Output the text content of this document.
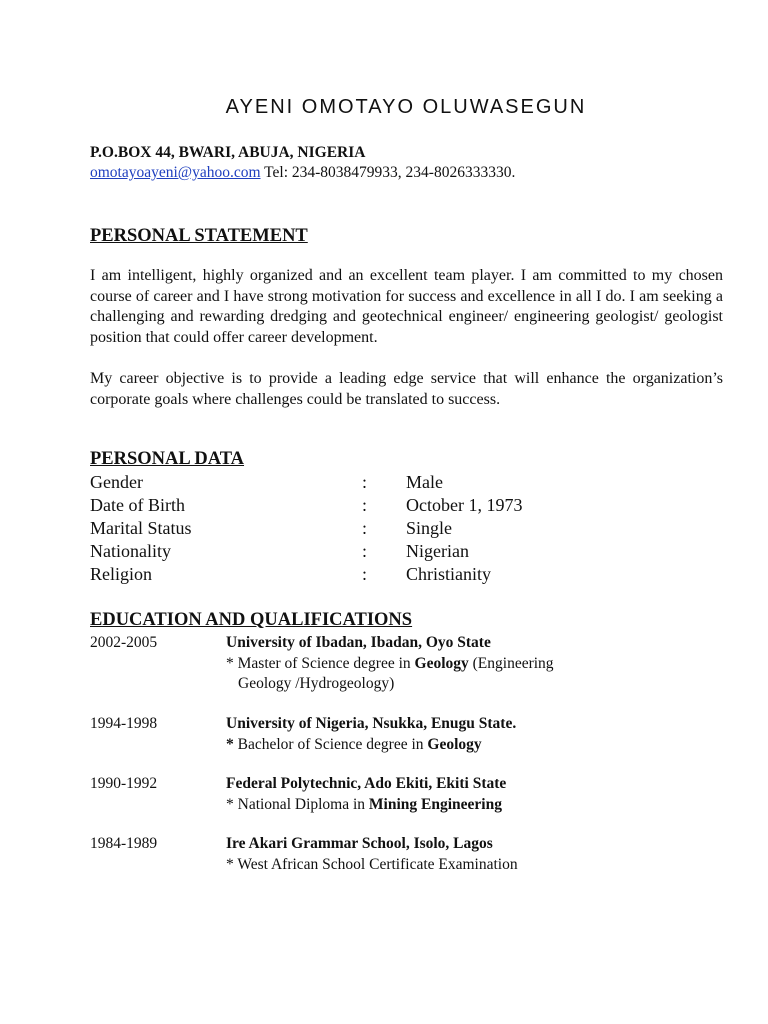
AYENI OMOTAYO OLUWASEGUN
P.O.BOX 44, BWARI, ABUJA, NIGERIA
omotayoayeni@yahoo.com Tel: 234-8038479933, 234-8026333330.
PERSONAL STATEMENT
I am intelligent, highly organized and an excellent team player. I am committed to my chosen course of career and I have strong motivation for success and excellence in all I do. I am seeking a challenging and rewarding dredging and geotechnical engineer/ engineering geologist/ geologist position that could offer career development.
My career objective is to provide a leading edge service that will enhance the organization’s corporate goals where challenges could be translated to success.
PERSONAL DATA
Gender	: Male
Date of Birth	: October 1, 1973
Marital Status	: Single
Nationality	: Nigerian
Religion	: Christianity
EDUCATION AND QUALIFICATIONS
2002-2005	University of Ibadan, Ibadan, Oyo State
* Master of Science degree in Geology (Engineering
Geology /Hydrogeology)
1994-1998	University of Nigeria, Nsukka, Enugu State.
* Bachelor of Science degree in Geology
1990-1992	Federal Polytechnic, Ado Ekiti, Ekiti State
* National Diploma in Mining Engineering
1984-1989	Ire Akari Grammar School, Isolo, Lagos
* West African School Certificate Examination
